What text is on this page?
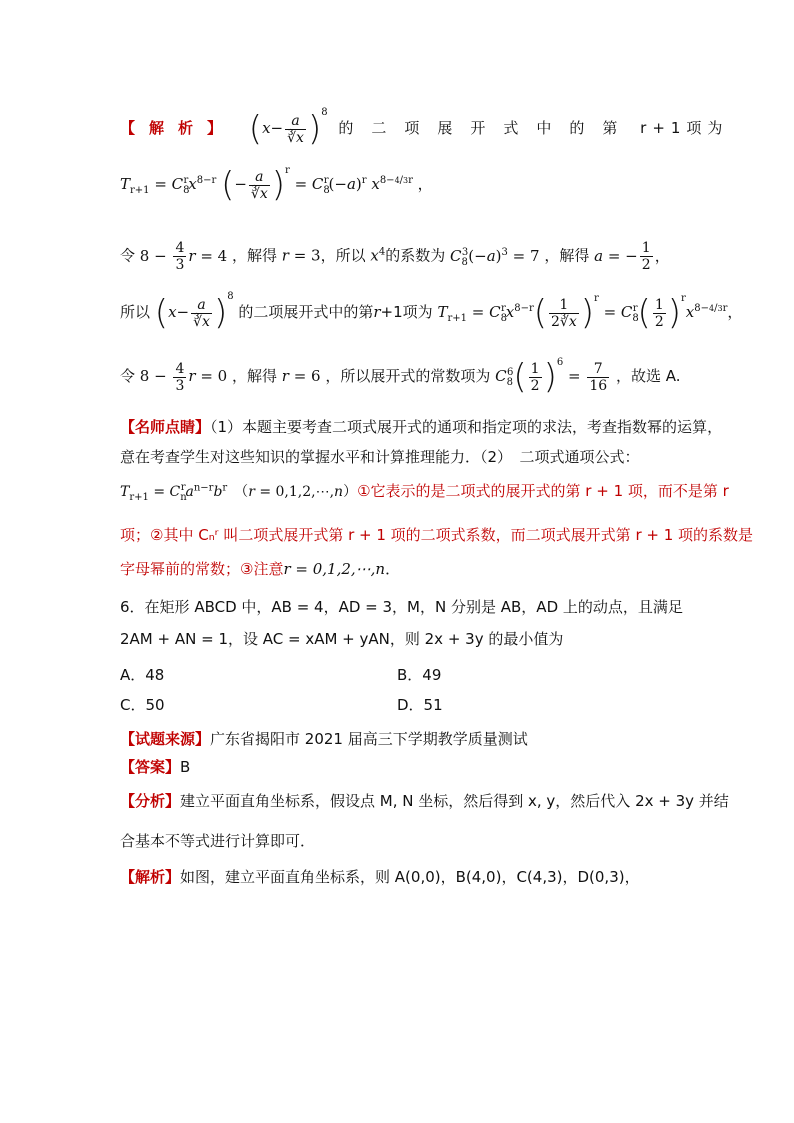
【解析】 $(x- \frac{a}{∛x} )^8$ 的二项展开式中的第 r+1项为
$T_{r+1} = C_8^rx^{8-r}$ (− $\frac{a}{∛x} )^r = C_8^r(-a)^r$ $x^{8-4/3r}$ ，
令 $8 - \frac{4}{3}$ r = 4 ，解得 r = 3，所以 $x^4$的系数为 $C_8^3(-a)^3 = 7$ ，解得 a = − $\frac{1}{2}$ ，
所以 $(x- \frac{a}{∛x} )^8$ 的二项展开式中的第r+1项为 $T_{r+1} = C_8^rx^{8-r}( \frac{1}{2∛x} )^r = C_8^r( \frac{1}{2} )^rx^{8-4/3r}$，
令 $8 - \frac{4}{3}$ r = 0 ，解得 r = 6 ，所以展开式的常数项为 $C_8^6( \frac{1}{2} )^6 = \frac{7}{16}$ ，故选 A.
【名师点睛】（1）本题主要考查二项式展开式的通项和指定项的求法，考查指数幂的运算，
意在考查学生对这些知识的掌握水平和计算推理能力．（2）　二项式通项公式：
$T_{r+1} = C_n^ra^{n-r}b^r$　（r = 0,1,2,⋯,n）①它表示的是二项式的展开式的第 r + 1 项，而不是第 r
项；②其中 Cₙʳ 叫二项式展开式第 r + 1 项的二项式系数，而二项式展开式第 r + 1 项的系数是
字母幂前的常数；③注意r = 0,1,2,⋯,n．
6．在矩形 ABCD 中，AB = 4，AD = 3，M，N 分别是 AB，AD 上的动点，且满足
2AM + AN = 1，设 AC = xAM + yAN，则 2x + 3y 的最小值为
A．48	B．49
C．50	D．51
【试题来源】广东省揭阳市 2021 届高三下学期教学质量测试
【答案】B
【分析】建立平面直角坐标系，假设点 M, N 坐标，然后得到 x, y，然后代入 2x + 3y 并结
合基本不等式进行计算即可．
【解析】如图，建立平面直角坐标系，则 A(0,0)，B(4,0)，C(4,3)，D(0,3)，
